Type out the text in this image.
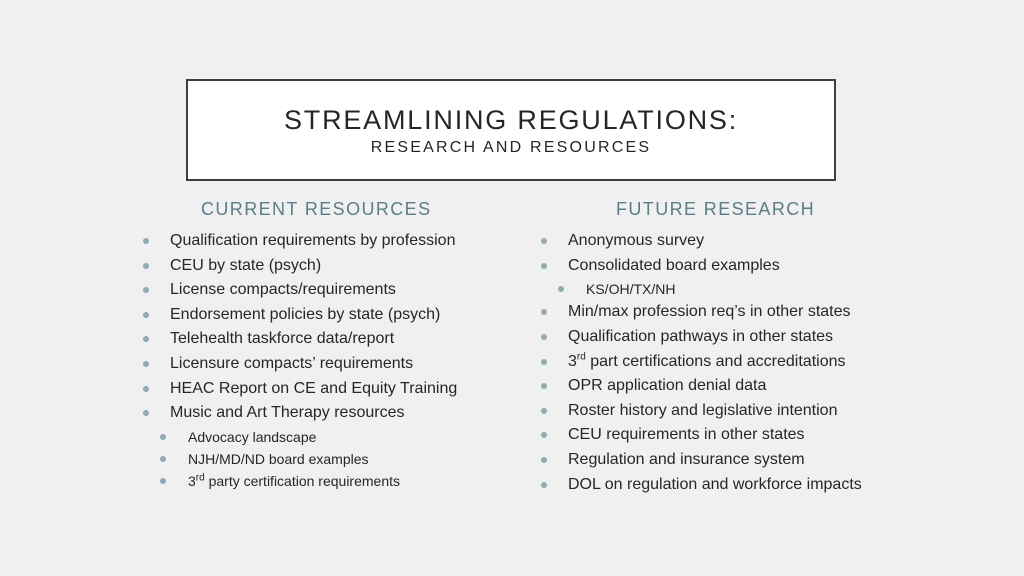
STREAMLINING REGULATIONS:
RESEARCH AND RESOURCES
CURRENT RESOURCES	FUTURE RESEARCH
Qualification requirements by profession
CEU by state (psych)
License compacts/requirements
Endorsement policies by state (psych)
Telehealth taskforce data/report
Licensure compacts’ requirements
HEAC Report on CE and Equity Training
Music and Art Therapy resources
Advocacy landscape
NJH/MD/ND board examples
3rd party certification requirements
Anonymous survey
Consolidated board examples
KS/OH/TX/NH
Min/max profession req’s in other states
Qualification pathways in other states
3rd part certifications and accreditations
OPR application denial data
Roster history and legislative intention
CEU requirements in other states
Regulation and insurance system
DOL on regulation and workforce impacts
